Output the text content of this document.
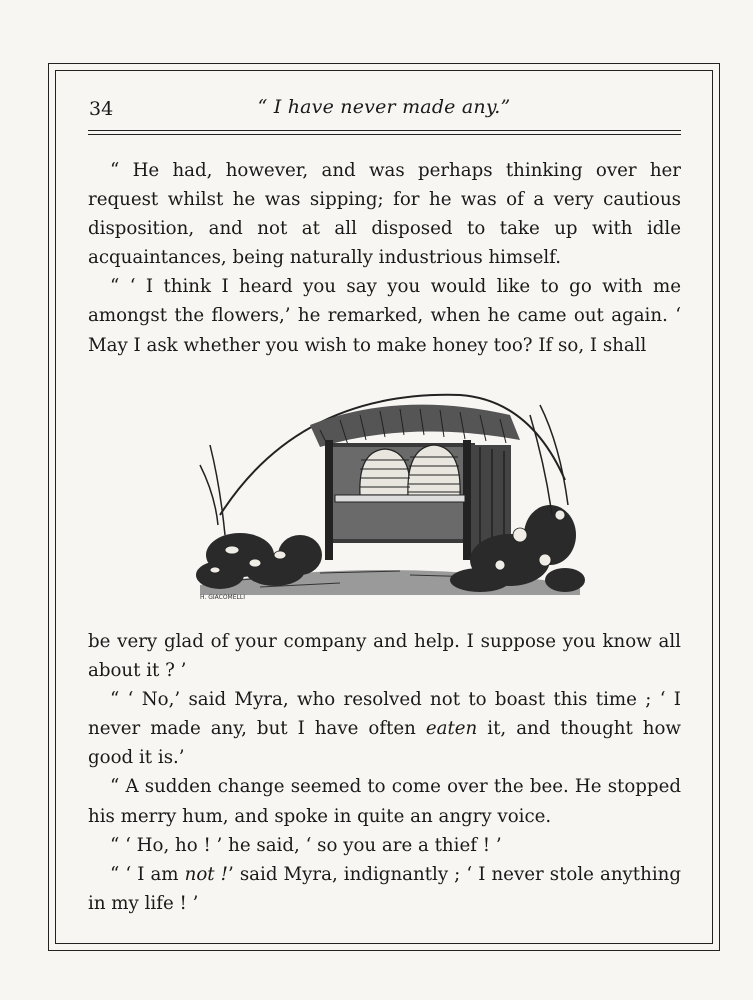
34	“ I have never made any.”

“ He had, however, and was perhaps thinking over her request whilst he was sipping; for he was of a very cautious disposition, and not at all disposed to take up with idle acquaintances, being naturally industrious himself.

“ ‘ I think I heard you say you would like to go with me amongst the flowers,’ he remarked, when he came out again. ‘ May I ask whether you wish to make honey too? If so, I shall

H. GIACOMELLI

be very glad of your company and help. I suppose you know all about it ? ’

“ ‘ No,’ said Myra, who resolved not to boast this time ; ‘ I never made any, but I have often eaten it, and thought how good it is.’

“ A sudden change seemed to come over the bee. He stopped his merry hum, and spoke in quite an angry voice.

“ ‘ Ho, ho ! ’ he said, ‘ so you are a thief ! ’

“ ‘ I am not !’ said Myra, indignantly ; ‘ I never stole anything in my life ! ’
